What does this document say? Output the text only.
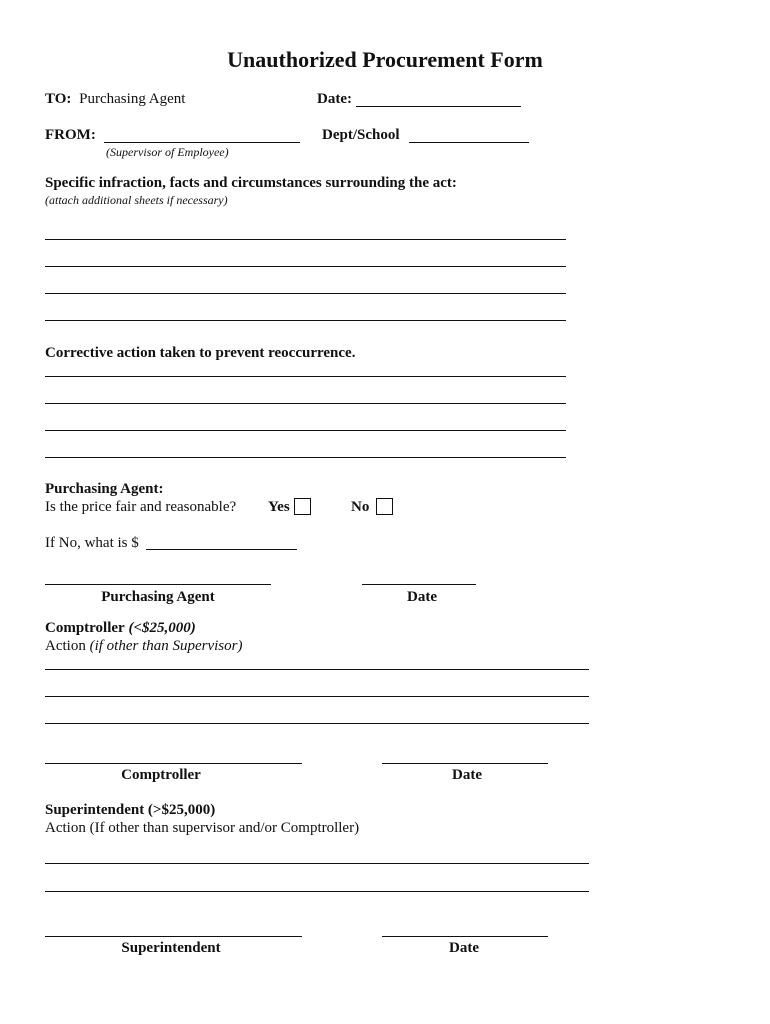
Unauthorized Procurement Form
TO: Purchasing Agent	Date:
FROM:
(Supervisor of Employee)
Dept/School
Specific infraction, facts and circumstances surrounding the act:
(attach additional sheets if necessary)
Corrective action taken to prevent reoccurrence.
Purchasing Agent:
Is the price fair and reasonable? Yes	No
If No, what is $
Purchasing Agent	Date
Comptroller (<$25,000)
Action (if other than Supervisor)
Comptroller	Date
Superintendent (>$25,000)
Action (If other than supervisor and/or Comptroller)
Superintendent	Date
